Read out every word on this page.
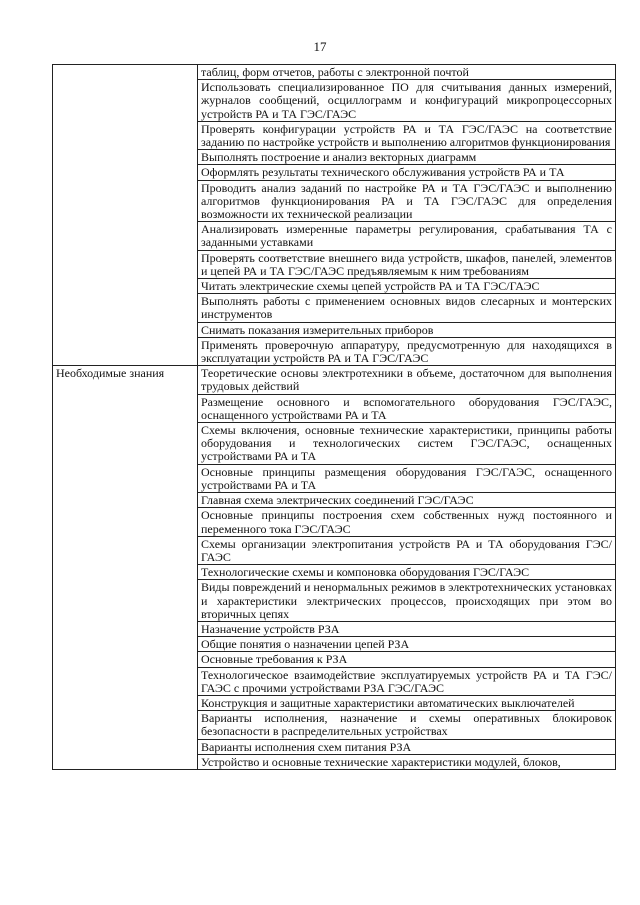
17
	таблиц, форм отчетов, работы с электронной почтой
	Использовать специализированное ПО для считывания данных измерений, журналов сообщений, осциллограмм и конфигураций микропроцессорных устройств РА и ТА ГЭС/ГАЭС
	Проверять конфигурации устройств РА и ТА ГЭС/ГАЭС на соответствие заданию по настройке устройств и выполнению алгоритмов функционирования
	Выполнять построение и анализ векторных диаграмм
	Оформлять результаты технического обслуживания устройств РА и ТА
	Проводить анализ заданий по настройке РА и ТА ГЭС/ГАЭС и выполнению алгоритмов функционирования РА и ТА ГЭС/ГАЭС для определения возможности их технической реализации
	Анализировать измеренные параметры регулирования, срабатывания ТА с заданными уставками
	Проверять соответствие внешнего вида устройств, шкафов, панелей, элементов и цепей РА и ТА ГЭС/ГАЭС предъявляемым к ним требованиям
	Читать электрические схемы цепей устройств РА и ТА ГЭС/ГАЭС
	Выполнять работы с применением основных видов слесарных и монтерских инструментов
	Снимать показания измерительных приборов
	Применять проверочную аппаратуру, предусмотренную для находящихся в эксплуатации устройств РА и ТА ГЭС/ГАЭС
Необходимые знания	Теоретические основы электротехники в объеме, достаточном для выполнения трудовых действий
	Размещение основного и вспомогательного оборудования ГЭС/ГАЭС, оснащенного устройствами РА и ТА
	Схемы включения, основные технические характеристики, принципы работы оборудования и технологических систем ГЭС/ГАЭС, оснащенных устройствами РА и ТА
	Основные принципы размещения оборудования ГЭС/ГАЭС, оснащенного устройствами РА и ТА
	Главная схема электрических соединений ГЭС/ГАЭС
	Основные принципы построения схем собственных нужд постоянного и переменного тока ГЭС/ГАЭС
	Схемы организации электропитания устройств РА и ТА оборудования ГЭС/ГАЭС
	Технологические схемы и компоновка оборудования ГЭС/ГАЭС
	Виды повреждений и ненормальных режимов в электротехнических установках и характеристики электрических процессов, происходящих при этом во вторичных цепях
	Назначение устройств РЗА
	Общие понятия о назначении цепей РЗА
	Основные требования к РЗА
	Технологическое взаимодействие эксплуатируемых устройств РА и ТА ГЭС/ГАЭС с прочими устройствами РЗА ГЭС/ГАЭС
	Конструкция и защитные характеристики автоматических выключателей
	Варианты исполнения, назначение и схемы оперативных блокировок безопасности в распределительных устройствах
	Варианты исполнения схем питания РЗА
	Устройство и основные технические характеристики модулей, блоков,
